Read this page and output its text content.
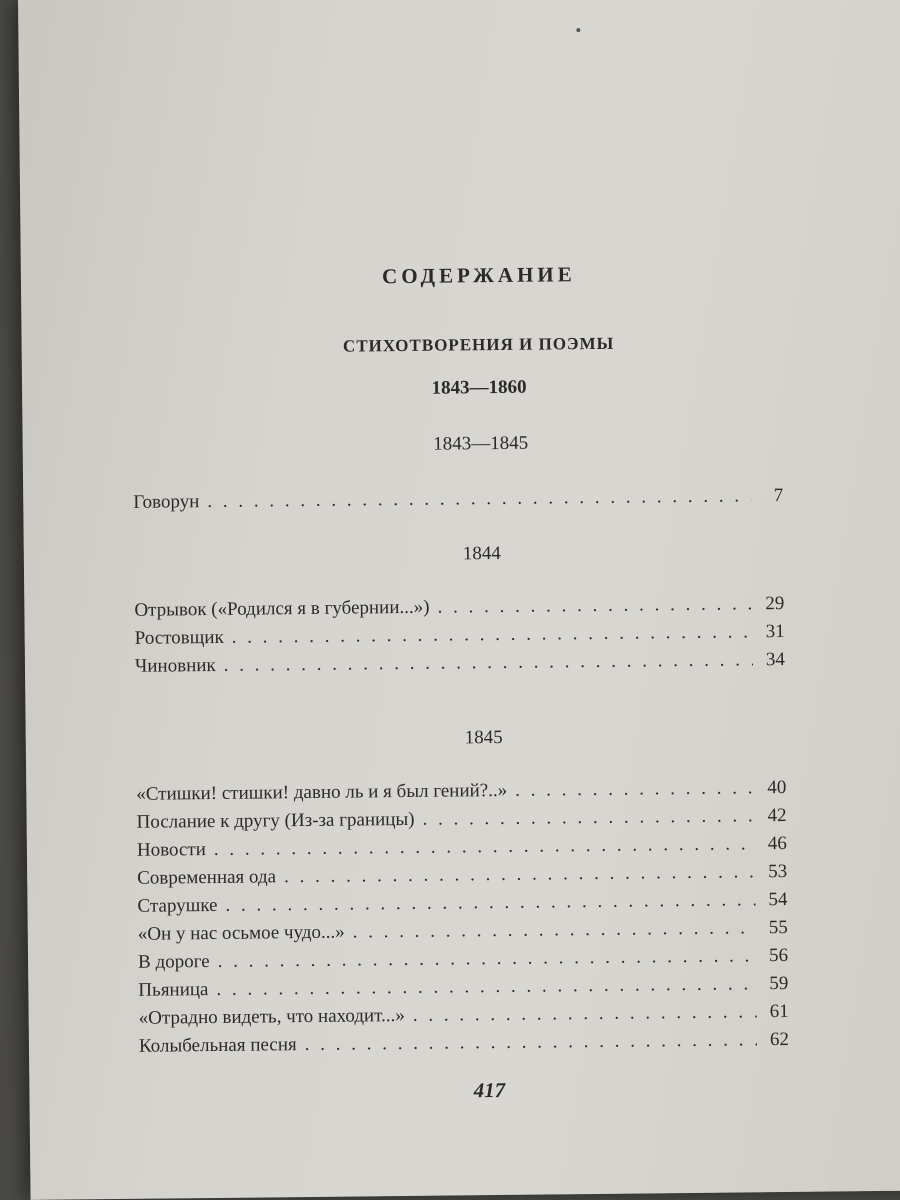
СОДЕРЖАНИЕ
СТИХОТВОРЕНИЯ И ПОЭМЫ
1843—1860
1843—1845
Говорун . . .	7
1844
Отрывок («Родился я в губернии...») . . .	29
Ростовщик . . .	31
Чиновник . . .	34
1845
«Стишки! стишки! давно ль и я был гений?..» . . .	40
Послание к другу (Из-за границы) . . .	42
Новости . . .	46
Современная ода . . .	53
Старушке . . .	54
«Он у нас осьмое чудо...» . . .	55
В дороге . . .	56
Пьяница . . .	59
«Отрадно видеть, что находит...» . . .	61
Колыбельная песня . . .	62
417
